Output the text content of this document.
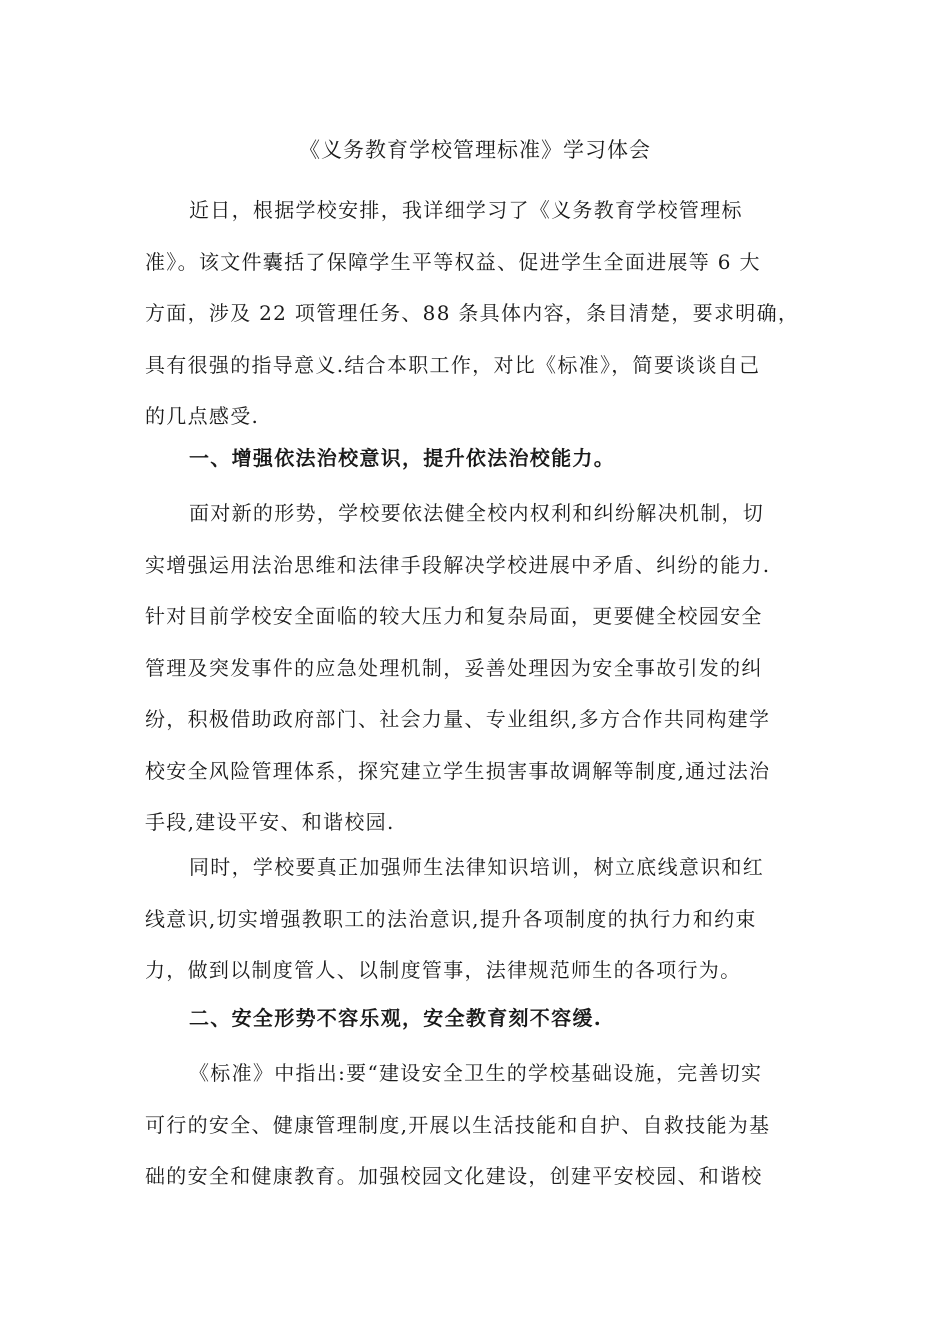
《义务教育学校管理标准》学习体会
近日，根据学校安排，我详细学习了《义务教育学校管理标
准》。该文件囊括了保障学生平等权益、促进学生全面进展等 6 大
方面，涉及 22 项管理任务、88 条具体内容，条目清楚，要求明确，
具有很强的指导意义.结合本职工作，对比《标准》，简要谈谈自己
的几点感受.
一、增强依法治校意识，提升依法治校能力。
面对新的形势，学校要依法健全校内权利和纠纷解决机制，切
实增强运用法治思维和法律手段解决学校进展中矛盾、纠纷的能力.
针对目前学校安全面临的较大压力和复杂局面，更要健全校园安全
管理及突发事件的应急处理机制，妥善处理因为安全事故引发的纠
纷，积极借助政府部门、社会力量、专业组织,多方合作共同构建学
校安全风险管理体系，探究建立学生损害事故调解等制度,通过法治
手段,建设平安、和谐校园.
同时，学校要真正加强师生法律知识培训，树立底线意识和红
线意识,切实增强教职工的法治意识,提升各项制度的执行力和约束
力，做到以制度管人、以制度管事，法律规范师生的各项行为。
二、安全形势不容乐观，安全教育刻不容缓.
《标准》中指出:要“建设安全卫生的学校基础设施，完善切实
可行的安全、健康管理制度,开展以生活技能和自护、自救技能为基
础的安全和健康教育。加强校园文化建设，创建平安校园、和谐校
